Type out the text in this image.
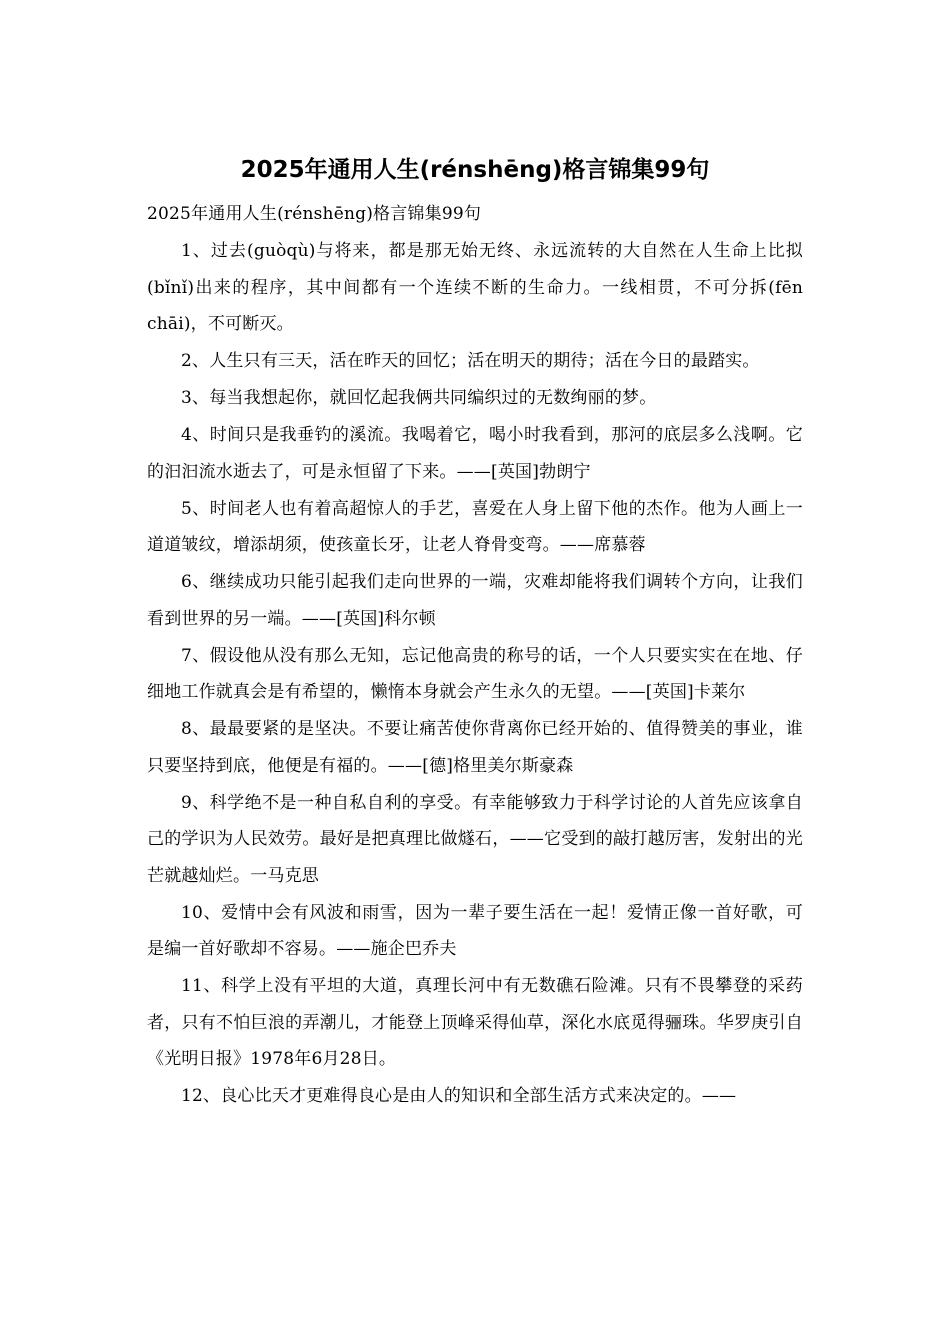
2025年通用人生(rénshēng)格言锦集99句

2025年通用人生(rénshēng)格言锦集99句

1、过去(guòqù)与将来，都是那无始无终、永远流转的大自然在人生命上比拟(bǐnǐ)出来的程序，其中间都有一个连续不断的生命力。一线相贯，不可分拆(fēn chāi)，不可断灭。

2、人生只有三天，活在昨天的回忆；活在明天的期待；活在今日的最踏实。

3、每当我想起你，就回忆起我俩共同编织过的无数绚丽的梦。

4、时间只是我垂钓的溪流。我喝着它，喝小时我看到，那河的底层多么浅啊。它的汩汩流水逝去了，可是永恒留了下来。——[英国]勃朗宁

5、时间老人也有着高超惊人的手艺，喜爱在人身上留下他的杰作。他为人画上一道道皱纹，增添胡须，使孩童长牙，让老人脊骨变弯。——席慕蓉

6、继续成功只能引起我们走向世界的一端，灾难却能将我们调转个方向，让我们看到世界的另一端。——[英国]科尔顿

7、假设他从没有那么无知，忘记他高贵的称号的话，一个人只要实实在在地、仔细地工作就真会是有希望的，懒惰本身就会产生永久的无望。——[英国]卡莱尔

8、最最要紧的是坚决。不要让痛苦使你背离你已经开始的、值得赞美的事业，谁只要坚持到底，他便是有福的。——[德]格里美尔斯豪森

9、科学绝不是一种自私自利的享受。有幸能够致力于科学讨论的人首先应该拿自己的学识为人民效劳。最好是把真理比做燧石，——它受到的敲打越厉害，发射出的光芒就越灿烂。一马克思

10、爱情中会有风波和雨雪，因为一辈子要生活在一起！爱情正像一首好歌，可是编一首好歌却不容易。——施企巴乔夫

11、科学上没有平坦的大道，真理长河中有无数礁石险滩。只有不畏攀登的采药者，只有不怕巨浪的弄潮儿，才能登上顶峰采得仙草，深化水底觅得骊珠。华罗庚引自《光明日报》1978年6月28日。

12、良心比天才更难得良心是由人的知识和全部生活方式来决定的。——
